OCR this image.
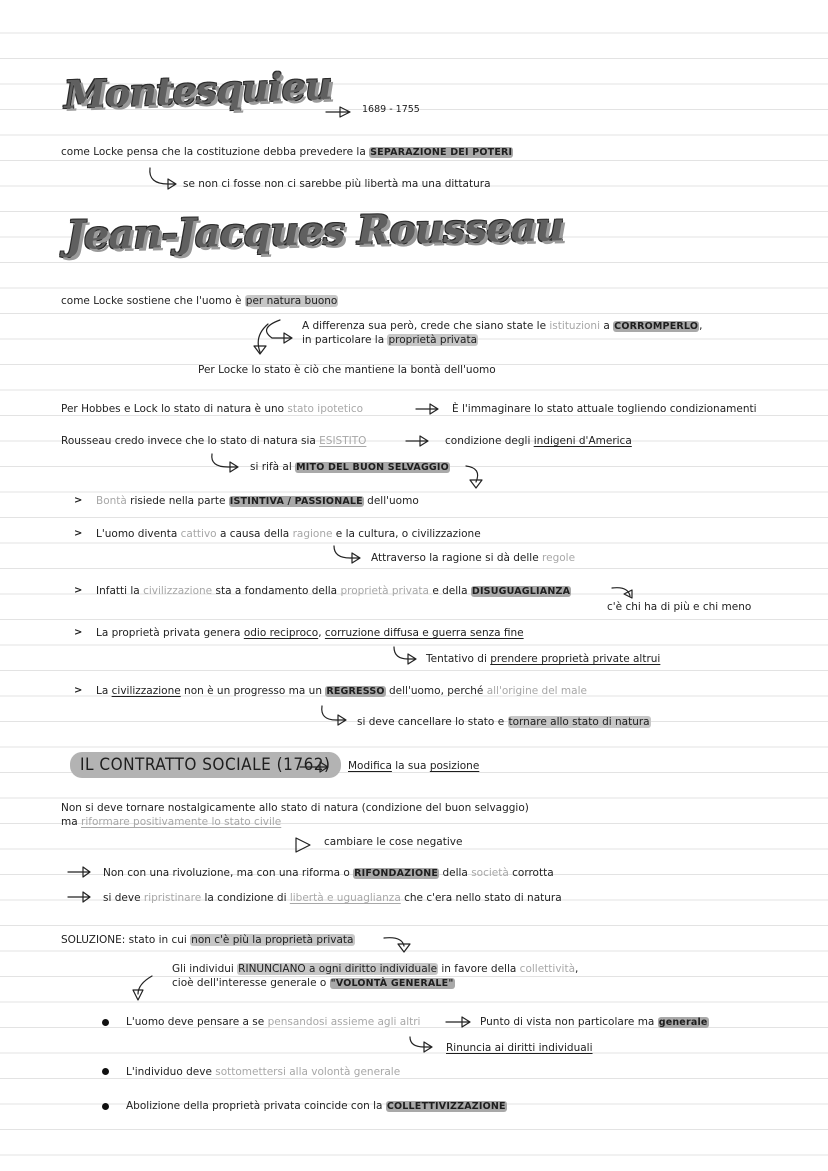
Montesquieu	1689 - 1755
come Locke pensa che la costituzione debba prevedere la SEPARAZIONE DEI POTERI
se non ci fosse non ci sarebbe più libertà ma una dittatura
Jean-Jacques Rousseau
come Locke sostiene che l'uomo è per natura buono
A differenza sua però, crede che siano state le istituzioni a CORROMPERLO,
in particolare la proprietà privata
Per Locke lo stato è ciò che mantiene la bontà dell'uomo
Per Hobbes e Lock lo stato di natura è uno stato ipotetico	È l'immaginare lo stato attuale togliendo condizionamenti
Rousseau credo invece che lo stato di natura sia ESISTITO	condizione degli indigeni d'America
si rifà al MITO DEL BUON SELVAGGIO
> Bontà risiede nella parte ISTINTIVA / PASSIONALE dell'uomo
> L'uomo diventa cattivo a causa della ragione e la cultura, o civilizzazione
Attraverso la ragione si dà delle regole
> Infatti la civilizzazione sta a fondamento della proprietà privata e della DISUGUAGLIANZA
c'è chi ha di più e chi meno
> La proprietà privata genera odio reciproco, corruzione diffusa e guerra senza fine
Tentativo di prendere proprietà private altrui
> La civilizzazione non è un progresso ma un REGRESSO dell'uomo, perché all'origine del male
si deve cancellare lo stato e tornare allo stato di natura
IL CONTRATTO SOCIALE (1762)	Modifica la sua posizione
Non si deve tornare nostalgicamente allo stato di natura (condizione del buon selvaggio)
ma riformare positivamente lo stato civile
cambiare le cose negative
Non con una rivoluzione, ma con una riforma o RIFONDAZIONE della società corrotta
si deve ripristinare la condizione di libertà e uguaglianza che c'era nello stato di natura
SOLUZIONE: stato in cui non c'è più la proprietà privata
Gli individui RINUNCIANO a ogni diritto individuale in favore della collettività,
cioè dell'interesse generale o "VOLONTÀ GENERALE"
L'uomo deve pensare a se pensandosi assieme agli altri	Punto di vista non particolare ma generale
Rinuncia ai diritti individuali
L'individuo deve sottomettersi alla volontà generale
Abolizione della proprietà privata coincide con la COLLETTIVIZZAZIONE
